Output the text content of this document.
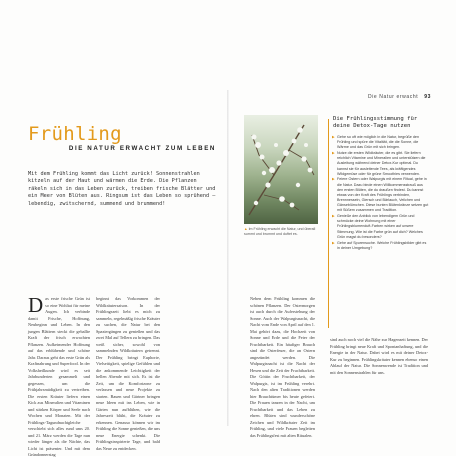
Die Natur erwacht 93
Frühling
DIE NATUR ERWACHT ZUM LEBEN
Mit dem Frühling kommt das Licht zurück! Sonnenstrahlen kitzeln auf der Haut und wärmen die Erde. Die Pflanzen räkeln sich in das Leben zurück, treiben frische Blätter und ein Meer von Blüten aus. Ringsum ist das Leben so sprühend – lebendig, zwitschernd, summend und brummend!
Das erste frische Grün ist so eine Wohltat für meine Augen. Ich verbinde damit Frische, Hoffnung, Neubeginn und Leben. In den jungen Blättern steckt die geballte Kraft der frisch erwachten Pflanzen. Aufkeimender Hoffnung auf das erblühende und schöne Jahr. Daraus geht das erste Grün als Kraftnahrung und Superfood. In der Volksheilkunde wird es seit Jahrhunderten gesammelt und gegessen, um die Frühjahrsmüdigkeit zu vertreiben. Die ersten Kräuter liefern einen Kick aus Mineralien und Vitaminen und stärken Körper und Seele nach Wochen und Monaten. Mit der Frühlings-Tagundnachtgleiche verschiebt sich alles rund ums 20. und 21. März werden die Tage nun wieder länger als die Nächte, das Licht ist präsenter. Und mit dem Gründonnerstag
beginnt das Vorkommen der Wildkräutersaison. In der Frühlingszeit liebt es mich zu sammeln, regelmäßig frische Kräuter zu suchen, die Natur bei den Spaziergängen zu genießen und das zwei Mal auf Tellern zu bringen. Das weiß sicher, sowohl von sammelnden Wildkräutern getrennt. Der Frühling bringt Euphorie, Vielseitigkeit, spielige Gefühlen und die ankommende Leichtigkeit der hellen Abende mit sich. Es ist die Zeit, um die Komfortzone zu verlassen und neue Projekte zu starten. Bauen und Gärtner bringen neue Ideen mit ins Leben, wie in Gärten nun aufblühen, wie die Jahreszeit blüht, die Kräuter zu erkennen. Genauso können wir im Frühling die Sonne genießen, die uns neue Energie schenkt. Die Frühlingsinspirierte Tage, und bald das Neue zu entdecken.
▲Im Frühling erwacht die Natur, und überall summt und brummt und duftet es.
Neben dem Frühling kommen die schönen Pflanzen. Der Ostermorgen ist auch durch die Auferstehung der Sonne. Auch der Walpurgisnacht, die Nacht vom Ende von April auf den 1. Mai gehört dazu, die Hochzeit von Sonne und Erde und die Feier der Fruchtbarkeit. Ein häufiger Brauch sind die Osterfeuer, die an Ostern angezündet werden. Die Walpurgisnacht ist die Nacht der Hexen und die Zeit der Fruchtbarkeit. Die Göttin der Fruchtbarkeit, der Walpurgis, ist im Frühling verehrt. Nach den alten Traditionen werden hier Brauchtümer bis heute gefeiert. Die Frauen tanzen in der Nacht, um Fruchtbarkeit und das Leben zu ehren. Blüten sind wunderschöne Zeichen und Wildkräuter Zeit im Frühling, und viele Frauen begleiten das Frühlingsfest mit alten Ritualen.
sind auch noch viel die Nähe zur Hagenzeit kennen. Der Frühling bringt neue Kraft und Spontanhaftung, und die Energie in der Natur. Dabei wird es mit deiner Detox-Kur zu beginnen. Frühlingskräuter kennen ebenso einen Ablauf der Natur. Die Sonnenwende ist Tradition und mit den Sonnenstrahlen für uns.
Die Frühlingsstimmung für deine Detox-Tage nutzen
▶ Gehe so oft wie möglich in die Natur, begrüße den Frühling und spüre die Vitalität, die die Sonne, die Wärme und das Grün mit sich bringen.
▶ Nutze die ersten Wildkräuter, die es gibt. Sie liefern reichlich Vitamine und Mineralien und unterstützen die Ausleitung während deiner Detox-Kur optimal. Du kannst sie für ausleitende Tees, als kräftigendes Wildgemüse oder für grüne Smoothies verwenden.
▶ Feiere Ostern oder Walpurgis mit einem Ritual, gehe in die Natur. Dazu binde einen Willkommensstrauß aus den ersten Blüten, die du draußen findest. Du kannst etwas von der Kraft des Frühlings verbinden, Brennnesseln, Giersch und Bärlauch, Veilchen und Gänseblümchen. Diese bunten Blütenkränze setzen gut mit Süßem zusammen und Tradition.
▶ Genieße den Anblick von lebendigem Grün und schmücke deine Wohnung mit einer Frühlingsblumenduft-Farben wirken auf unsere Stimmung. Wie ist die Farbe grün auf dich? Welches Grün magst du besonders?
▶ Gehe auf Spurensuche. Welche Frühlingsbilder gibt es in deiner Umgebung?
